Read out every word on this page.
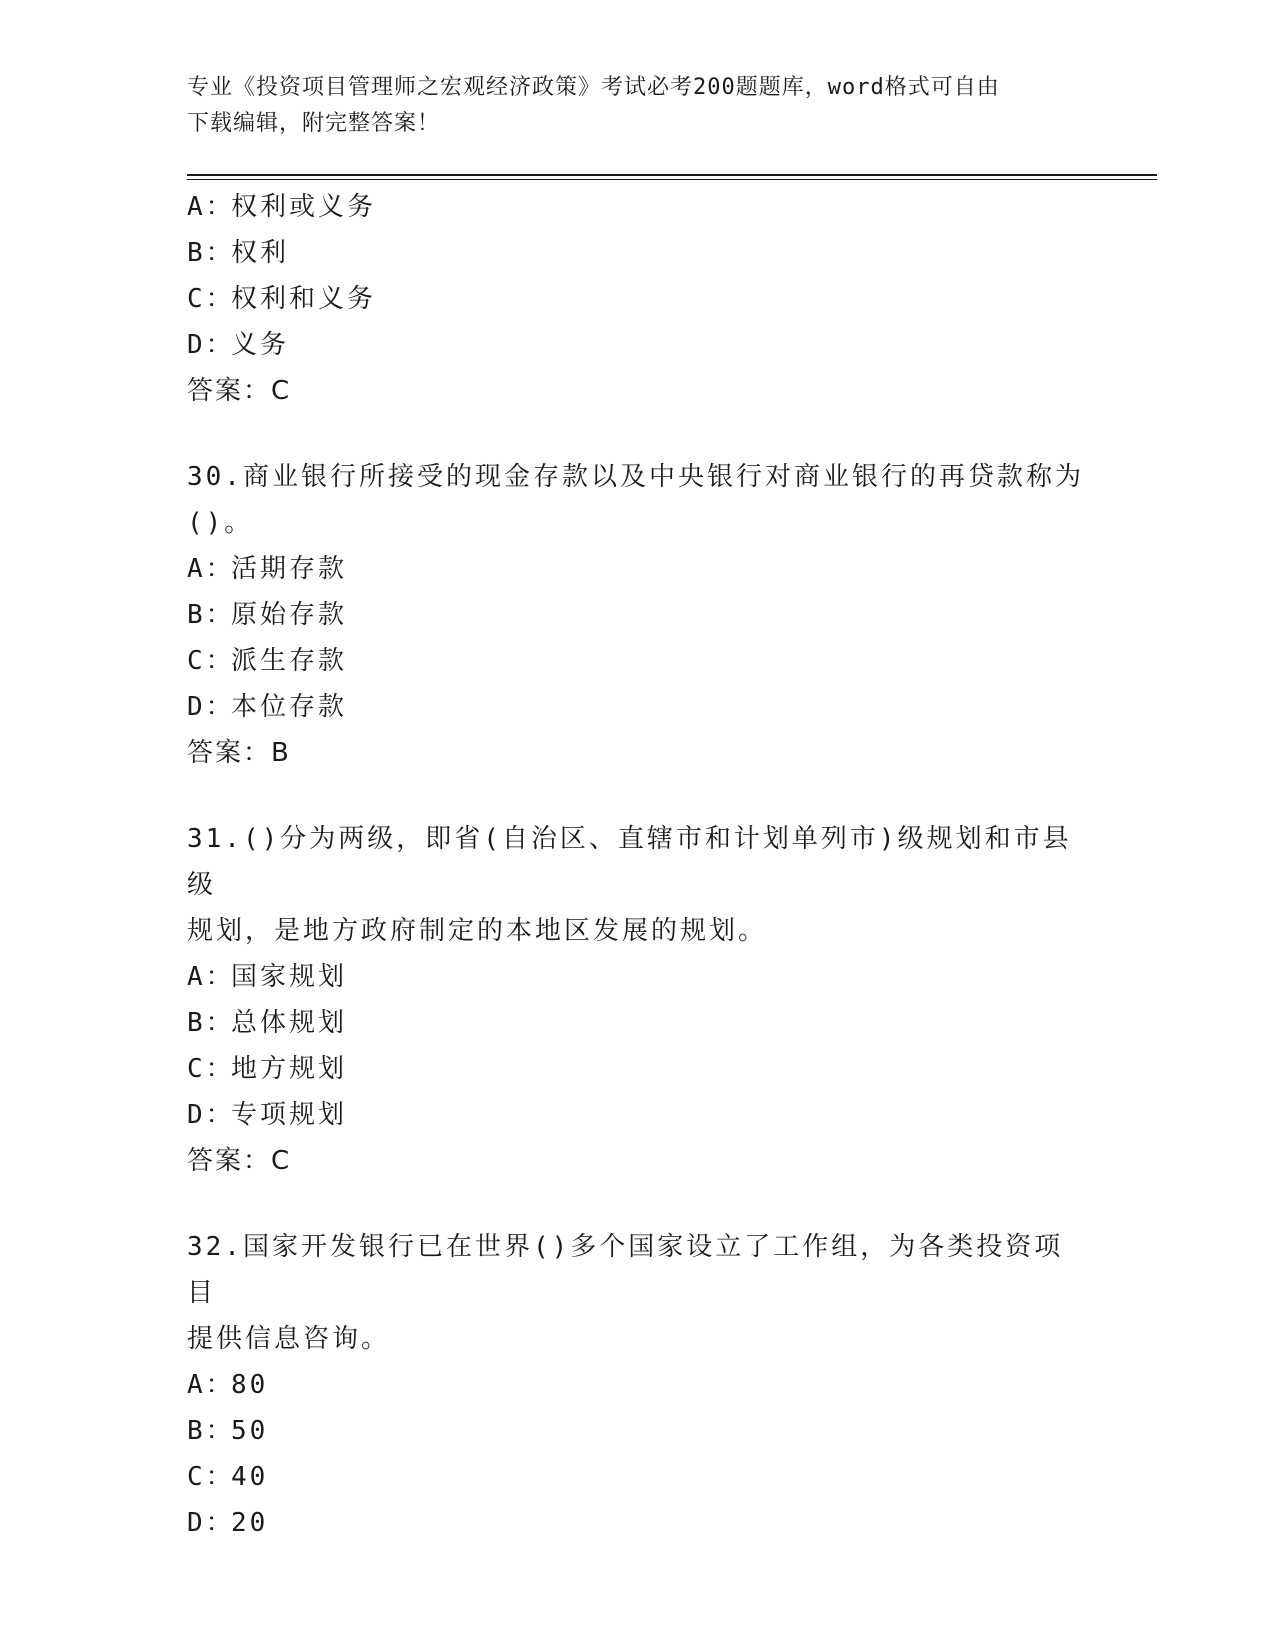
专业《投资项目管理师之宏观经济政策》考试必考200题题库，word格式可自由

下载编辑，附完整答案！

A：权利或义务

B：权利

C：权利和义务

D：义务

答案：C

30.商业银行所接受的现金存款以及中央银行对商业银行的再贷款称为

()。

A：活期存款

B：原始存款

C：派生存款

D：本位存款

答案：B

31.()分为两级，即省(自治区、直辖市和计划单列市)级规划和市县级

规划，是地方政府制定的本地区发展的规划。

A：国家规划

B：总体规划

C：地方规划

D：专项规划

答案：C

32.国家开发银行已在世界()多个国家设立了工作组，为各类投资项目

提供信息咨询。

A：80

B：50

C：40

D：20
